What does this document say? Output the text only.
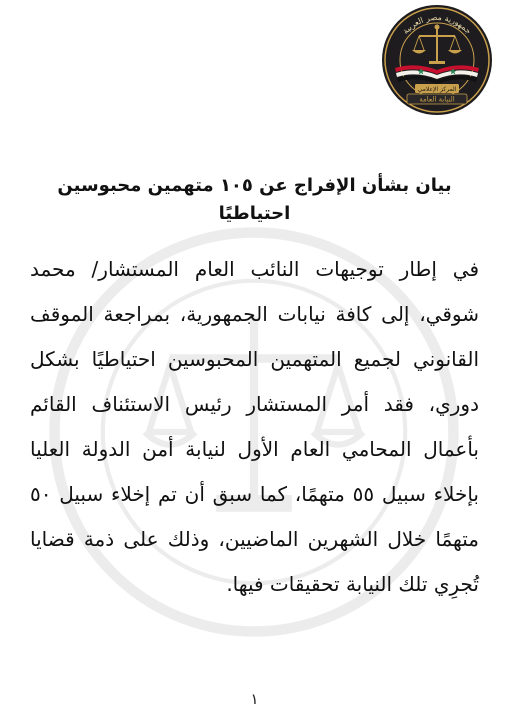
جمهورية مصر العربية
المركز الإعلامي
النيابة العامة
بيان بشأن الإفراج عن ١٠٥ متهمين محبوسين احتياطيًا

في إطار توجيهات النائب العام المستشار/ محمد شوقي، إلى كافة نيابات الجمهورية، بمراجعة الموقف القانوني لجميع المتهمين المحبوسين احتياطيًا بشكل دوري، فقد أمر المستشار رئيس الاستئناف القائم بأعمال المحامي العام الأول لنيابة أمن الدولة العليا بإخلاء سبيل ٥٥ متهمًا، كما سبق أن تم إخلاء سبيل ٥٠ متهمًا خلال الشهرين الماضيين، وذلك على ذمة قضايا تُجرِي تلك النيابة تحقيقات فيها.

١
